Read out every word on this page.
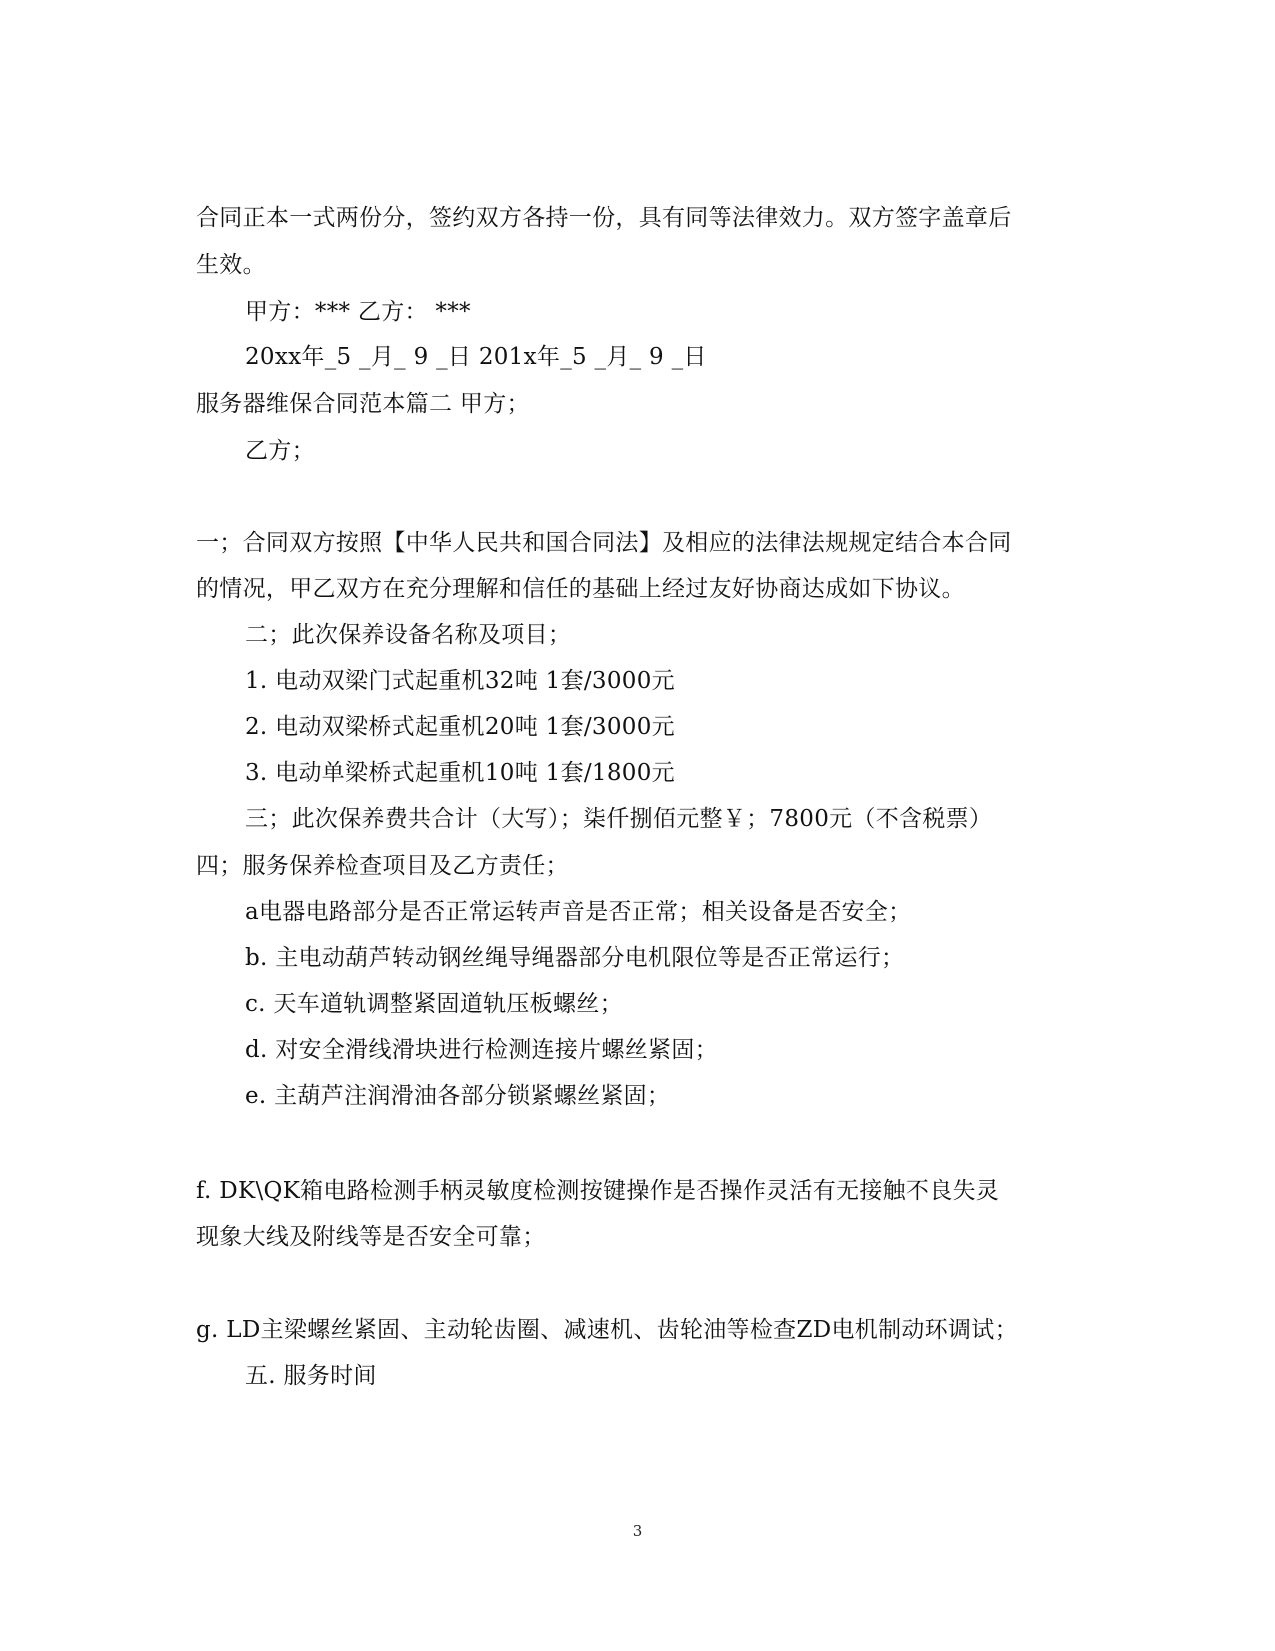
合同正本一式两份分，签约双方各持一份，具有同等法律效力。双方签字盖章后
生效。
甲方：*** 乙方： ***
20xx年_5 _月_ 9 _日 201x年_5 _月_ 9 _日
服务器维保合同范本篇二 甲方；
乙方；
一；合同双方按照【中华人民共和国合同法】及相应的法律法规规定结合本合同
的情况，甲乙双方在充分理解和信任的基础上经过友好协商达成如下协议。
二；此次保养设备名称及项目；
1. 电动双梁门式起重机32吨 1套/3000元
2. 电动双梁桥式起重机20吨 1套/3000元
3. 电动单梁桥式起重机10吨 1套/1800元
三；此次保养费共合计（大写）；柒仟捌佰元整￥；7800元（不含税票）
四；服务保养检查项目及乙方责任；
a电器电路部分是否正常运转声音是否正常；相关设备是否安全；
b. 主电动葫芦转动钢丝绳导绳器部分电机限位等是否正常运行；
c. 天车道轨调整紧固道轨压板螺丝；
d. 对安全滑线滑块进行检测连接片螺丝紧固；
e. 主葫芦注润滑油各部分锁紧螺丝紧固；
f. DK\QK箱电路检测手柄灵敏度检测按键操作是否操作灵活有无接触不良失灵
现象大线及附线等是否安全可靠；
g. LD主梁螺丝紧固、主动轮齿圈、减速机、齿轮油等检查ZD电机制动环调试；
五. 服务时间
3
